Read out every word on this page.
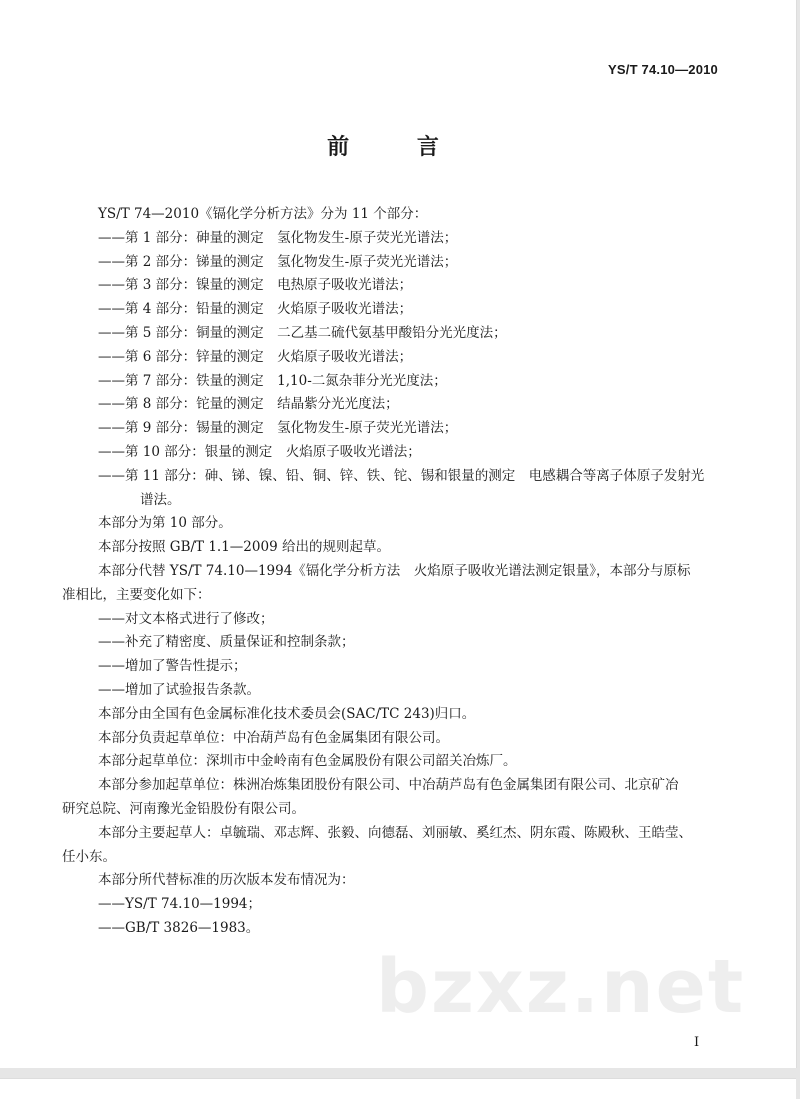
YS/T 74.10—2010
前 言
YS/T 74—2010《镉化学分析方法》分为 11 个部分：
——第 1 部分：砷量的测定　氢化物发生-原子荧光光谱法；
——第 2 部分：锑量的测定　氢化物发生-原子荧光光谱法；
——第 3 部分：镍量的测定　电热原子吸收光谱法；
——第 4 部分：铅量的测定　火焰原子吸收光谱法；
——第 5 部分：铜量的测定　二乙基二硫代氨基甲酸铅分光光度法；
——第 6 部分：锌量的测定　火焰原子吸收光谱法；
——第 7 部分：铁量的测定　1,10-二氮杂菲分光光度法；
——第 8 部分：铊量的测定　结晶紫分光光度法；
——第 9 部分：锡量的测定　氢化物发生-原子荧光光谱法；
——第 10 部分：银量的测定　火焰原子吸收光谱法；
——第 11 部分：砷、锑、镍、铅、铜、锌、铁、铊、锡和银量的测定　电感耦合等离子体原子发射光
谱法。
本部分为第 10 部分。
本部分按照 GB/T 1.1—2009 给出的规则起草。
本部分代替 YS/T 74.10—1994《镉化学分析方法　火焰原子吸收光谱法测定银量》，本部分与原标
准相比，主要变化如下：
——对文本格式进行了修改；
——补充了精密度、质量保证和控制条款；
——增加了警告性提示；
——增加了试验报告条款。
本部分由全国有色金属标准化技术委员会(SAC/TC 243)归口。
本部分负责起草单位：中冶葫芦岛有色金属集团有限公司。
本部分起草单位：深圳市中金岭南有色金属股份有限公司韶关冶炼厂。
本部分参加起草单位：株洲冶炼集团股份有限公司、中冶葫芦岛有色金属集团有限公司、北京矿冶
研究总院、河南豫光金铅股份有限公司。
本部分主要起草人：卓毓瑞、邓志辉、张毅、向德磊、刘丽敏、奚红杰、阴东霞、陈殿秋、王皓莹、
任小东。
本部分所代替标准的历次版本发布情况为：
——YS/T 74.10—1994；
——GB/T 3826—1983。
bzxz.net
I
